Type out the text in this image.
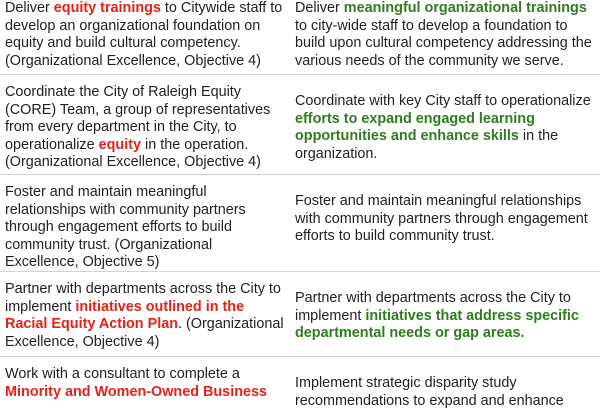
Deliver equity trainings to Citywide staff to develop an organizational foundation on equity and build cultural competency. (Organizational Excellence, Objective 4)
Deliver meaningful organizational trainings to city-wide staff to develop a foundation to build upon cultural competency addressing the various needs of the community we serve.
Coordinate the City of Raleigh Equity (CORE) Team, a group of representatives from every department in the City, to operationalize equity in the operation. (Organizational Excellence, Objective 4)
Coordinate with key City staff to operationalize efforts to expand engaged learning opportunities and enhance skills in the organization.
Foster and maintain meaningful relationships with community partners through engagement efforts to build community trust. (Organizational Excellence, Objective 5)
Foster and maintain meaningful relationships with community partners through engagement efforts to build community trust.
Partner with departments across the City to implement initiatives outlined in the Racial Equity Action Plan. (Organizational Excellence, Objective 4)
Partner with departments across the City to implement initiatives that address specific departmental needs or gap areas.
Work with a consultant to complete a Minority and Women-Owned Business
Implement strategic disparity study recommendations to expand and enhance
